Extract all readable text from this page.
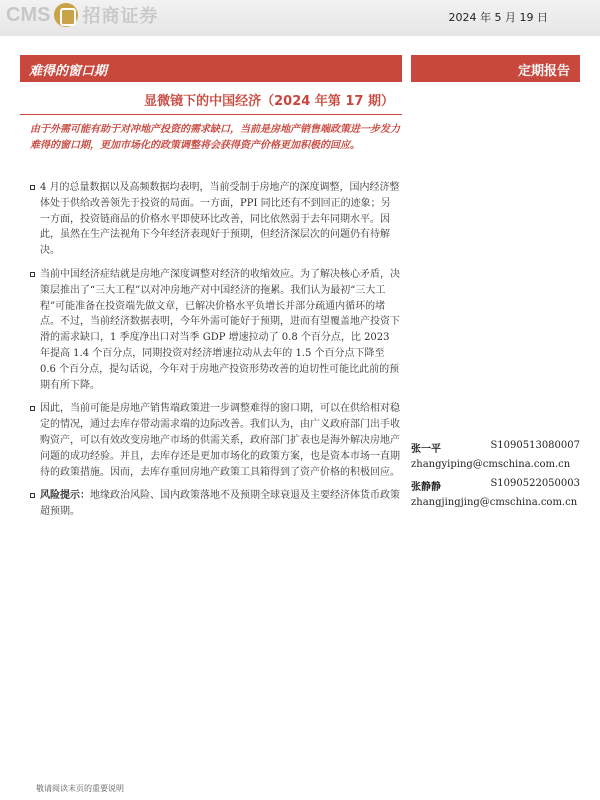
CMS 招商证券	2024 年 5 月 19 日
难得的窗口期	定期报告
显微镜下的中国经济（2024 年第 17 期）
由于外需可能有助于对冲地产投资的需求缺口，当前是房地产销售端政策进一步发力难得的窗口期，更加市场化的政策调整将会获得资产价格更加积极的回应。
4 月的总量数据以及高频数据均表明，当前受制于房地产的深度调整，国内经济整体处于供给改善领先于投资的局面。一方面，PPI 同比还有不到回正的迹象；另一方面，投资链商品的价格水平即使环比改善，同比依然弱于去年同期水平。因此，虽然在生产法视角下今年经济表现好于预期，但经济深层次的问题仍有待解决。
当前中国经济症结就是房地产深度调整对经济的收缩效应。为了解决核心矛盾，决策层推出了“三大工程”以对冲房地产对中国经济的拖累。我们认为最初“三大工程”可能准备在投资端先做文章，已解决价格水平负增长并部分疏通内循环的堵点。不过，当前经济数据表明，今年外需可能好于预期，进而有望覆盖地产投资下滑的需求缺口，1 季度净出口对当季 GDP 增速拉动了 0.8 个百分点，比 2023 年提高 1.4 个百分点，同期投资对经济增速拉动从去年的 1.5 个百分点下降至 0.6 个百分点，提勾话说，今年对于房地产投资形势改善的迫切性可能比此前的预期有所下降。
因此，当前可能是房地产销售端政策进一步调整难得的窗口期，可以在供给相对稳定的情况，通过去库存带动需求端的边际改善。我们认为，由广义政府部门出手收购资产，可以有效改变房地产市场的供需关系，政府部门扩表也是海外解决房地产问题的成功经验。并且，去库存还是更加市场化的政策方案，也是资本市场一直期待的政策措施。因而，去库存重回房地产政策工具箱得到了资产价格的积极回应。
风险提示：地缘政治风险、国内政策落地不及预期全球衰退及主要经济体货币政策超预期。
张一平	S1090513080007
zhangyiping@cmschina.com.cn
张静静	S1090522050003
zhangjingjing@cmschina.com.cn
敬请阅读末页的重要说明
